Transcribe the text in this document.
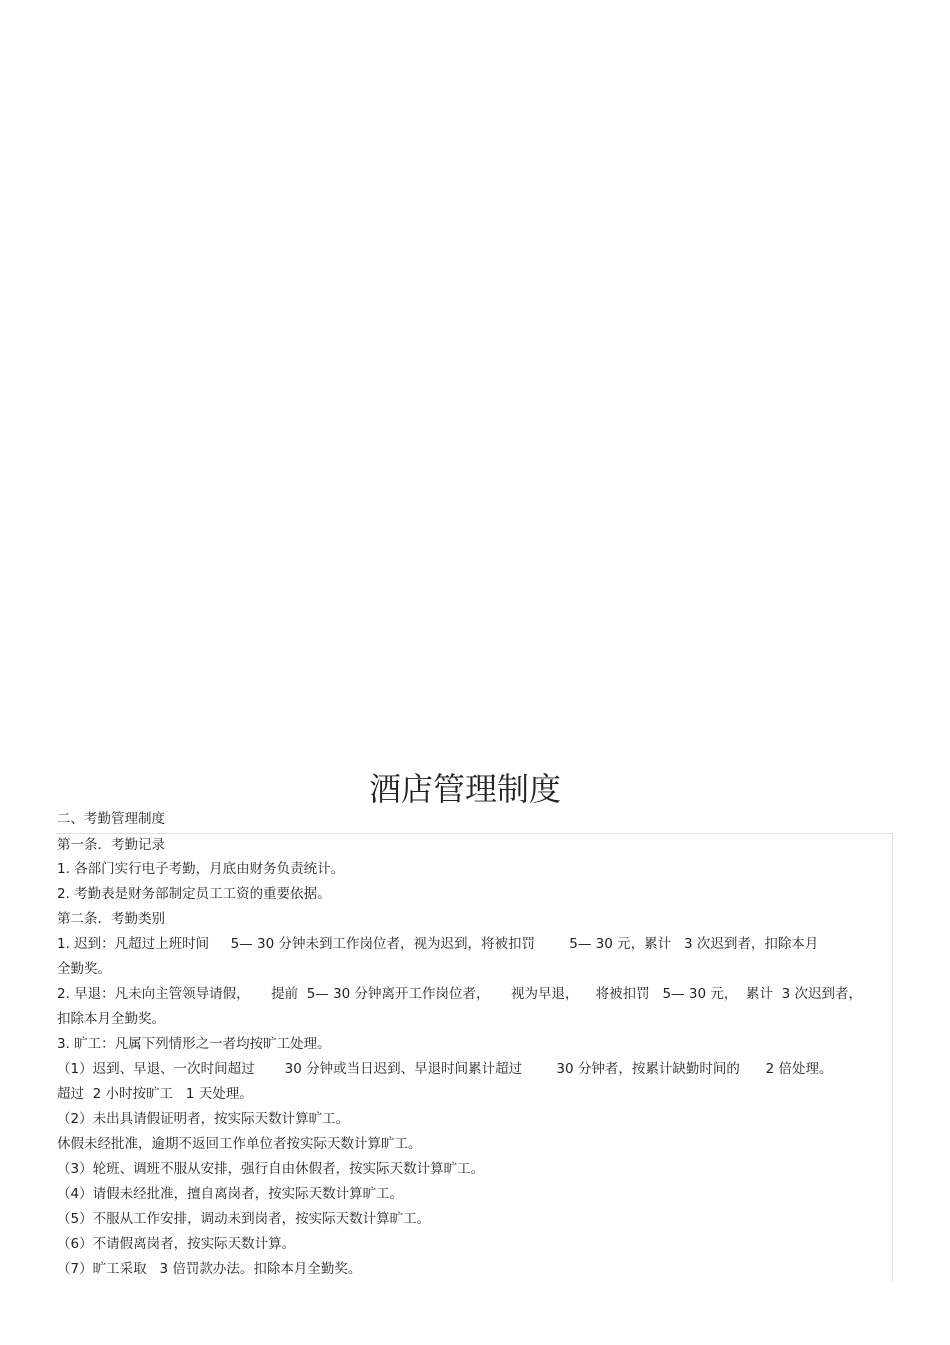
酒店管理制度

二、考勤管理制度

第一条．考勤记录

1. 各部门实行电子考勤，月底由财务负责统计。

2. 考勤表是财务部制定员工工资的重要依据。

第二条．考勤类别

1. 迟到：凡超过上班时间     5— 30 分钟未到工作岗位者，视为迟到，将被扣罚        5— 30 元，累计   3 次迟到者，扣除本月

全勤奖。

2. 早退：凡未向主管领导请假，     提前  5— 30 分钟离开工作岗位者，     视为早退，    将被扣罚   5— 30 元，  累计  3 次迟到者，

扣除本月全勤奖。

3. 旷工：凡属下列情形之一者均按旷工处理。

（1）迟到、早退、一次时间超过       30 分钟或当日迟到、早退时间累计超过        30 分钟者，按累计缺勤时间的      2 倍处理。

超过  2 小时按旷工   1 天处理。

（2）未出具请假证明者，按实际天数计算旷工。

休假未经批准，逾期不返回工作单位者按实际天数计算旷工。

（3）轮班、调班不服从安排，强行自由休假者，按实际天数计算旷工。

（4）请假未经批准，擅自离岗者，按实际天数计算旷工。

（5）不服从工作安排，调动未到岗者，按实际天数计算旷工。

（6）不请假离岗者，按实际天数计算。

（7）旷工采取   3 倍罚款办法。扣除本月全勤奖。
